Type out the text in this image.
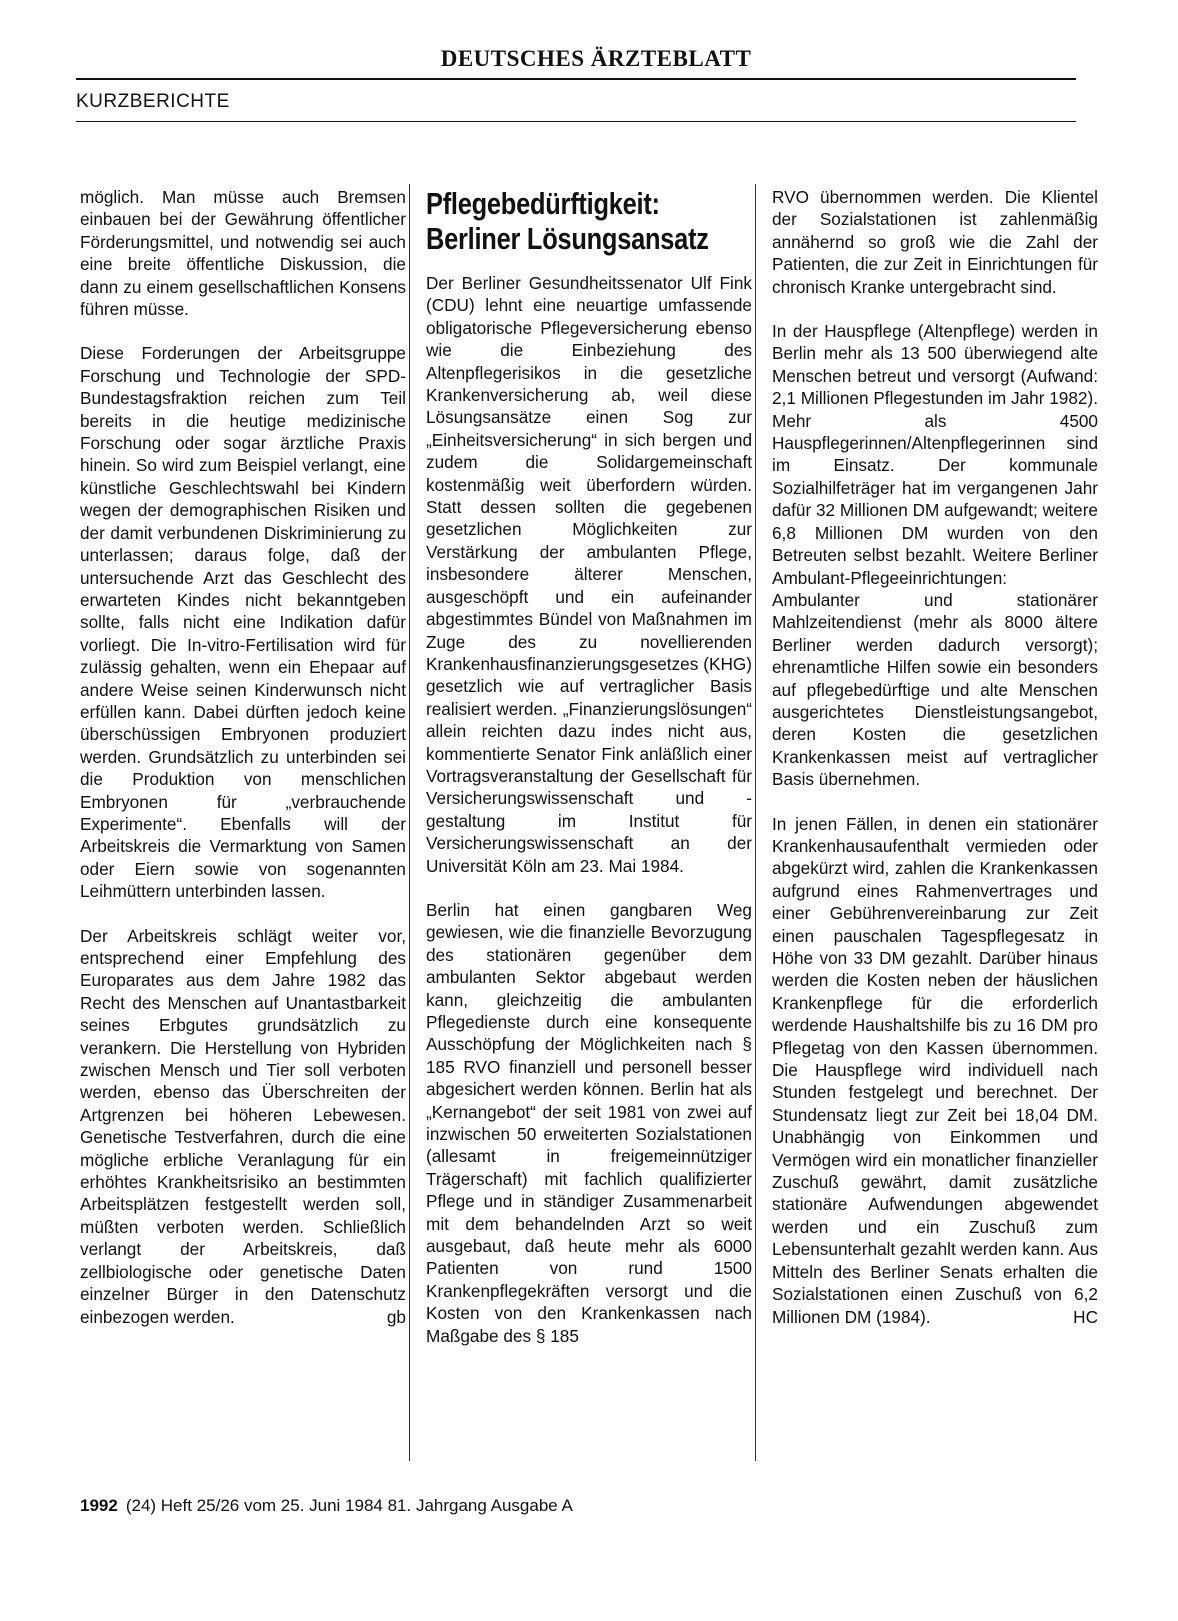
DEUTSCHES ÄRZTEBLATT
KURZBERICHTE

möglich. Man müsse auch Bremsen einbauen bei der Gewährung öffentlicher Förderungsmittel, und notwendig sei auch eine breite öffentliche Diskussion, die dann zu einem gesellschaftlichen Konsens führen müsse.

Diese Forderungen der Arbeitsgruppe Forschung und Technologie der SPD-Bundestagsfraktion reichen zum Teil bereits in die heutige medizinische Forschung oder sogar ärztliche Praxis hinein. So wird zum Beispiel verlangt, eine künstliche Geschlechtswahl bei Kindern wegen der demographischen Risiken und der damit verbundenen Diskriminierung zu unterlassen; daraus folge, daß der untersuchende Arzt das Geschlecht des erwarteten Kindes nicht bekanntgeben sollte, falls nicht eine Indikation dafür vorliegt. Die In-vitro-Fertilisation wird für zulässig gehalten, wenn ein Ehepaar auf andere Weise seinen Kinderwunsch nicht erfüllen kann. Dabei dürften jedoch keine überschüssigen Embryonen produziert werden. Grundsätzlich zu unterbinden sei die Produktion von menschlichen Embryonen für „verbrauchende Experimente“. Ebenfalls will der Arbeitskreis die Vermarktung von Samen oder Eiern sowie von sogenannten Leihmüttern unterbinden lassen.

Der Arbeitskreis schlägt weiter vor, entsprechend einer Empfehlung des Europarates aus dem Jahre 1982 das Recht des Menschen auf Unantastbarkeit seines Erbgutes grundsätzlich zu verankern. Die Herstellung von Hybriden zwischen Mensch und Tier soll verboten werden, ebenso das Überschreiten der Artgrenzen bei höheren Lebewesen. Genetische Testverfahren, durch die eine mögliche erbliche Veranlagung für ein erhöhtes Krankheitsrisiko an bestimmten Arbeitsplätzen festgestellt werden soll, müßten verboten werden. Schließlich verlangt der Arbeitskreis, daß zellbiologische oder genetische Daten einzelner Bürger in den Datenschutz einbezogen werden.	gb

Pflegebedürftigkeit:
Berliner Lösungsansatz

Der Berliner Gesundheitssenator Ulf Fink (CDU) lehnt eine neuartige umfassende obligatorische Pflegeversicherung ebenso wie die Einbeziehung des Altenpflegerisikos in die gesetzliche Krankenversicherung ab, weil diese Lösungsansätze einen Sog zur „Einheitsversicherung“ in sich bergen und zudem die Solidargemeinschaft kostenmäßig weit überfordern würden. Statt dessen sollten die gegebenen gesetzlichen Möglichkeiten zur Verstärkung der ambulanten Pflege, insbesondere älterer Menschen, ausgeschöpft und ein aufeinander abgestimmtes Bündel von Maßnahmen im Zuge des zu novellierenden Krankenhausfinanzierungsgesetzes (KHG) gesetzlich wie auf vertraglicher Basis realisiert werden. „Finanzierungslösungen“ allein reichten dazu indes nicht aus, kommentierte Senator Fink anläßlich einer Vortragsveranstaltung der Gesellschaft für Versicherungswissenschaft und -gestaltung im Institut für Versicherungswissenschaft an der Universität Köln am 23. Mai 1984.

Berlin hat einen gangbaren Weg gewiesen, wie die finanzielle Bevorzugung des stationären gegenüber dem ambulanten Sektor abgebaut werden kann, gleichzeitig die ambulanten Pflegedienste durch eine konsequente Ausschöpfung der Möglichkeiten nach § 185 RVO finanziell und personell besser abgesichert werden können. Berlin hat als „Kernangebot“ der seit 1981 von zwei auf inzwischen 50 erweiterten Sozialstationen (allesamt in freigemeinnütziger Trägerschaft) mit fachlich qualifizierter Pflege und in ständiger Zusammenarbeit mit dem behandelnden Arzt so weit ausgebaut, daß heute mehr als 6000 Patienten von rund 1500 Krankenpflegekräften versorgt und die Kosten von den Krankenkassen nach Maßgabe des § 185

RVO übernommen werden. Die Klientel der Sozialstationen ist zahlenmäßig annähernd so groß wie die Zahl der Patienten, die zur Zeit in Einrichtungen für chronisch Kranke untergebracht sind.

In der Hauspflege (Altenpflege) werden in Berlin mehr als 13 500 überwiegend alte Menschen betreut und versorgt (Aufwand: 2,1 Millionen Pflegestunden im Jahr 1982). Mehr als 4500 Hauspflegerinnen/Altenpflegerinnen sind im Einsatz. Der kommunale Sozialhilfeträger hat im vergangenen Jahr dafür 32 Millionen DM aufgewandt; weitere 6,8 Millionen DM wurden von den Betreuten selbst bezahlt. Weitere Berliner Ambulant-Pflegeeinrichtungen: Ambulanter und stationärer Mahlzeitendienst (mehr als 8000 ältere Berliner werden dadurch versorgt); ehrenamtliche Hilfen sowie ein besonders auf pflegebedürftige und alte Menschen ausgerichtetes Dienstleistungsangebot, deren Kosten die gesetzlichen Krankenkassen meist auf vertraglicher Basis übernehmen.

In jenen Fällen, in denen ein stationärer Krankenhausaufenthalt vermieden oder abgekürzt wird, zahlen die Krankenkassen aufgrund eines Rahmenvertrages und einer Gebührenvereinbarung zur Zeit einen pauschalen Tagespflegesatz in Höhe von 33 DM gezahlt. Darüber hinaus werden die Kosten neben der häuslichen Krankenpflege für die erforderlich werdende Haushaltshilfe bis zu 16 DM pro Pflegetag von den Kassen übernommen. Die Hauspflege wird individuell nach Stunden festgelegt und berechnet. Der Stundensatz liegt zur Zeit bei 18,04 DM. Unabhängig von Einkommen und Vermögen wird ein monatlicher finanzieller Zuschuß gewährt, damit zusätzliche stationäre Aufwendungen abgewendet werden und ein Zuschuß zum Lebensunterhalt gezahlt werden kann. Aus Mitteln des Berliner Senats erhalten die Sozialstationen einen Zuschuß von 6,2 Millionen DM (1984).	HC

1992 (24) Heft 25/26 vom 25. Juni 1984 81. Jahrgang Ausgabe A
